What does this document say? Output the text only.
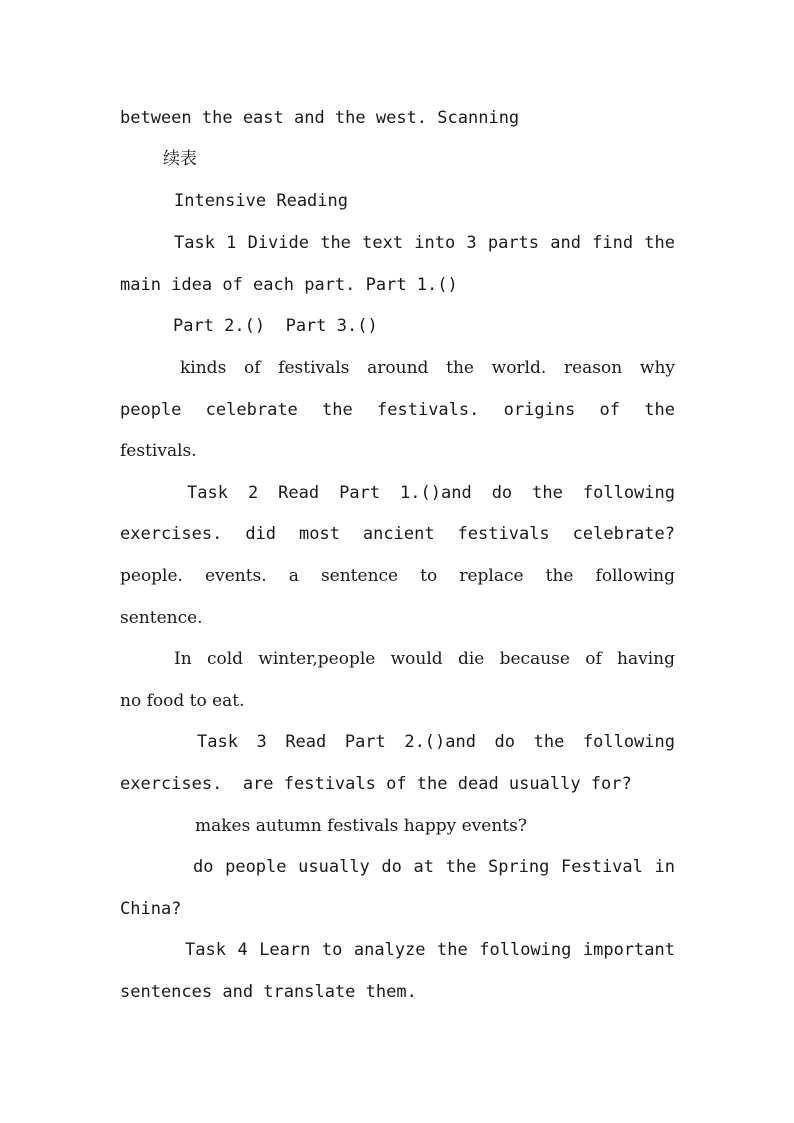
between the east and the west. Scanning

续表

Intensive Reading

Task 1 Divide the text into 3 parts and find the

main idea of each part. Part 1.()

Part 2.()  Part 3.()

kinds of festivals around the world. reason why

people celebrate the festivals. origins of the

festivals.

Task 2 Read Part 1.()and do the following

exercises. did most ancient festivals celebrate?

people. events. a sentence to replace the following

sentence.

In cold winter,people would die because of having

no food to eat.

Task 3 Read Part 2.()and do the following

exercises.  are festivals of the dead usually for?

makes autumn festivals happy events?

do people usually do at the Spring Festival in

China?

Task 4 Learn to analyze the following important

sentences and translate them.
